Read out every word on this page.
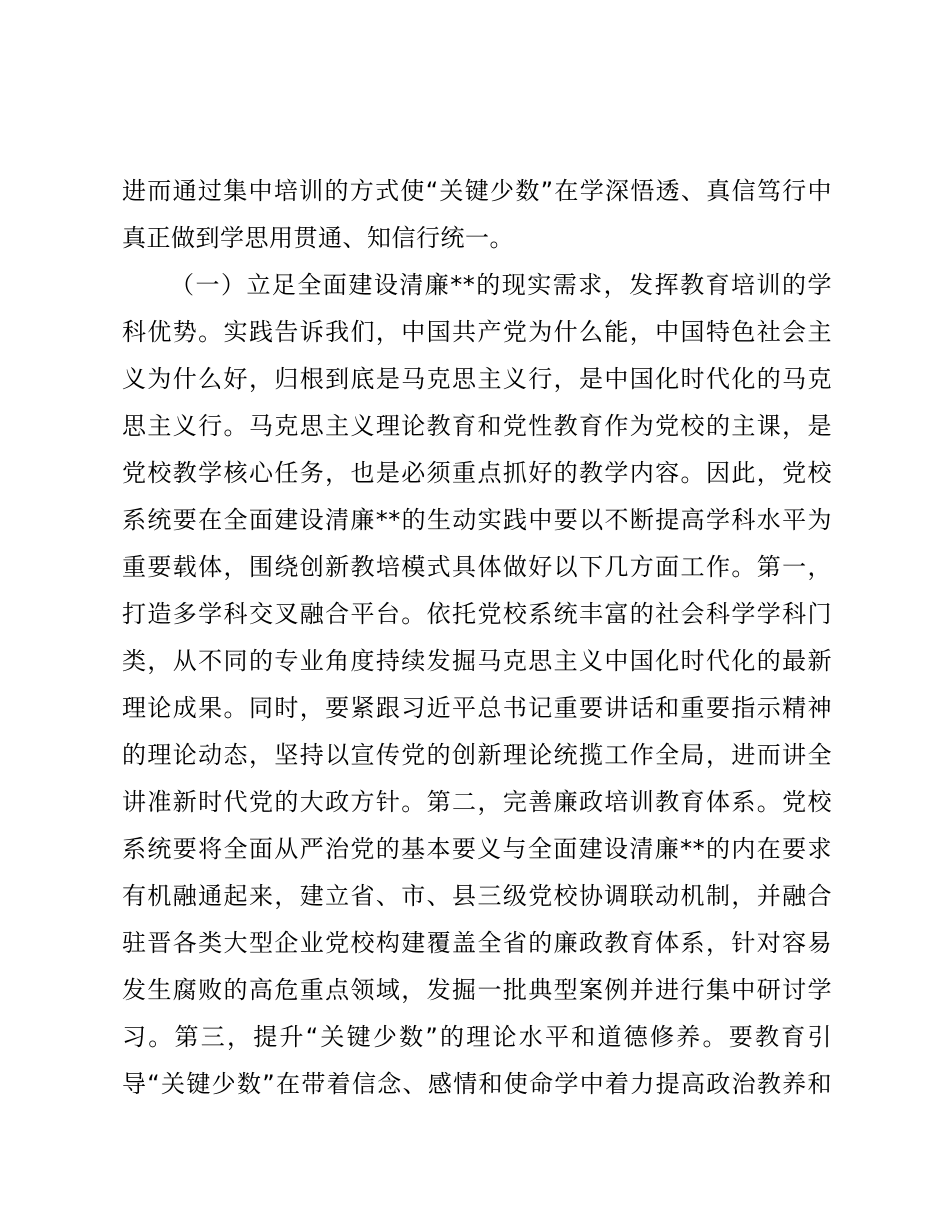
进而通过集中培训的方式使“关键少数”在学深悟透、真信笃行中
真正做到学思用贯通、知信行统一。
（一）立足全面建设清廉**的现实需求，发挥教育培训的学
科优势。实践告诉我们，中国共产党为什么能，中国特色社会主
义为什么好，归根到底是马克思主义行，是中国化时代化的马克
思主义行。马克思主义理论教育和党性教育作为党校的主课，是
党校教学核心任务，也是必须重点抓好的教学内容。因此，党校
系统要在全面建设清廉**的生动实践中要以不断提高学科水平为
重要载体，围绕创新教培模式具体做好以下几方面工作。第一，
打造多学科交叉融合平台。依托党校系统丰富的社会科学学科门
类，从不同的专业角度持续发掘马克思主义中国化时代化的最新
理论成果。同时，要紧跟习近平总书记重要讲话和重要指示精神
的理论动态，坚持以宣传党的创新理论统揽工作全局，进而讲全
讲准新时代党的大政方针。第二，完善廉政培训教育体系。党校
系统要将全面从严治党的基本要义与全面建设清廉**的内在要求
有机融通起来，建立省、市、县三级党校协调联动机制，并融合
驻晋各类大型企业党校构建覆盖全省的廉政教育体系，针对容易
发生腐败的高危重点领域，发掘一批典型案例并进行集中研讨学
习。第三，提升“关键少数”的理论水平和道德修养。要教育引
导“关键少数”在带着信念、感情和使命学中着力提高政治教养和
